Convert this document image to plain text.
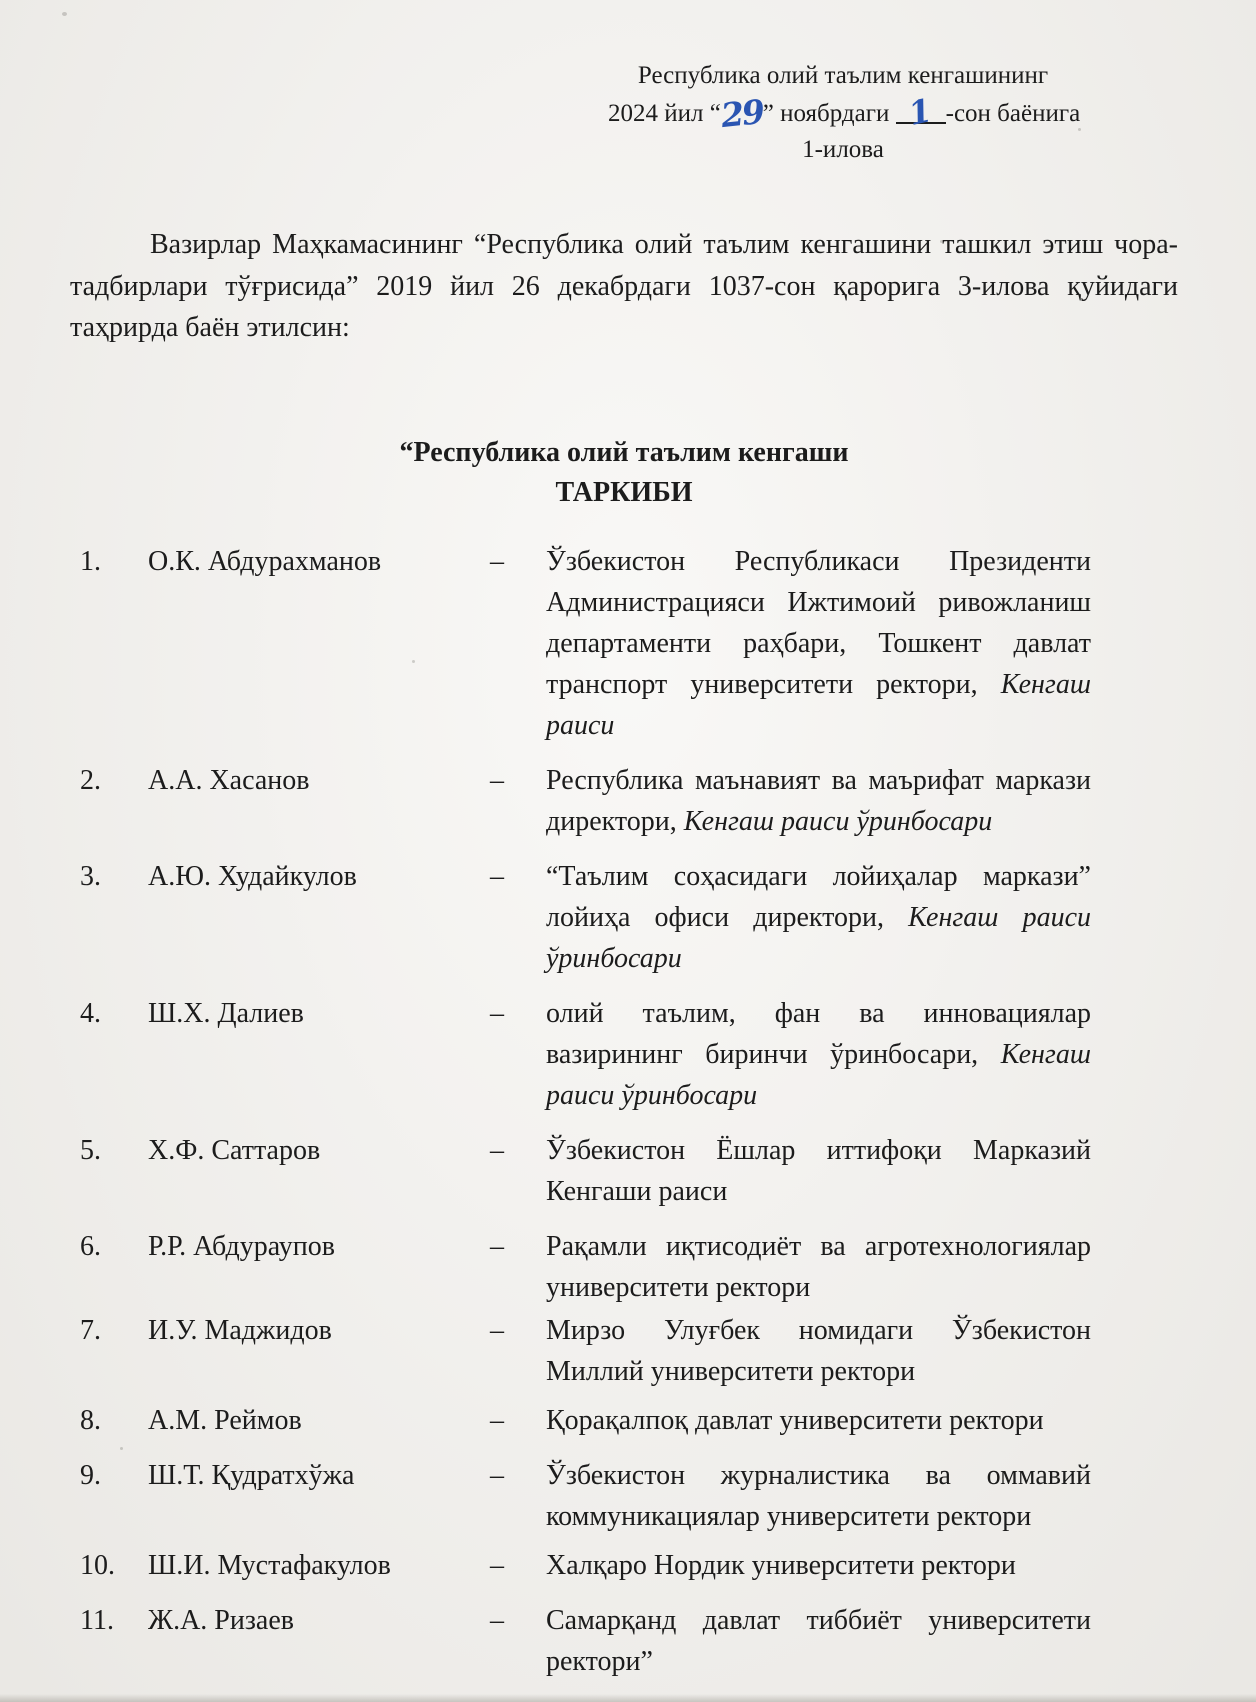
Республика олий таълим кенгашининг
2024 йил “29” ноябрдаги 1 -сон баёнига
1-илова

Вазирлар Маҳкамасининг “Республика олий таълим кенгашини ташкил этиш чора-тадбирлари тўғрисида” 2019 йил 26 декабрдаги 1037-сон қарорига 3-илова қуйидаги таҳрирда баён этилсин:

“Республика олий таълим кенгаши
ТАРКИБИ
1.	О.К. Абдурахманов	–	Ўзбекистон Республикаси Президенти Администрацияси Ижтимоий ривожланиш департаменти раҳбари, Тошкент давлат транспорт университети ректори, Кенгаш раиси
2.	А.А. Хасанов	–	Республика маънавият ва маърифат маркази директори, Кенгаш раиси ўринбосари
3.	А.Ю. Худайкулов	–	“Таълим соҳасидаги лойиҳалар маркази” лойиҳа офиси директори, Кенгаш раиси ўринбосари
4.	Ш.Х. Далиев	–	олий таълим, фан ва инновациялар вазирининг биринчи ўринбосари, Кенгаш раиси ўринбосари
5.	Х.Ф. Саттаров	–	Ўзбекистон Ёшлар иттифоқи Марказий Кенгаши раиси
6.	Р.Р. Абдураупов	–	Рақамли иқтисодиёт ва агротехнологиялар университети ректори
7.	И.У. Маджидов	–	Мирзо Улуғбек номидаги Ўзбекистон Миллий университети ректори
8.	А.М. Реймов	–	Қорақалпоқ давлат университети ректори
9.	Ш.Т. Қудратхўжа	–	Ўзбекистон журналистика ва оммавий коммуникациялар университети ректори
10.	Ш.И. Мустафакулов	–	Халқаро Нордик университети ректори
11.	Ж.А. Ризаев	–	Самарқанд давлат тиббиёт университети ректори”
